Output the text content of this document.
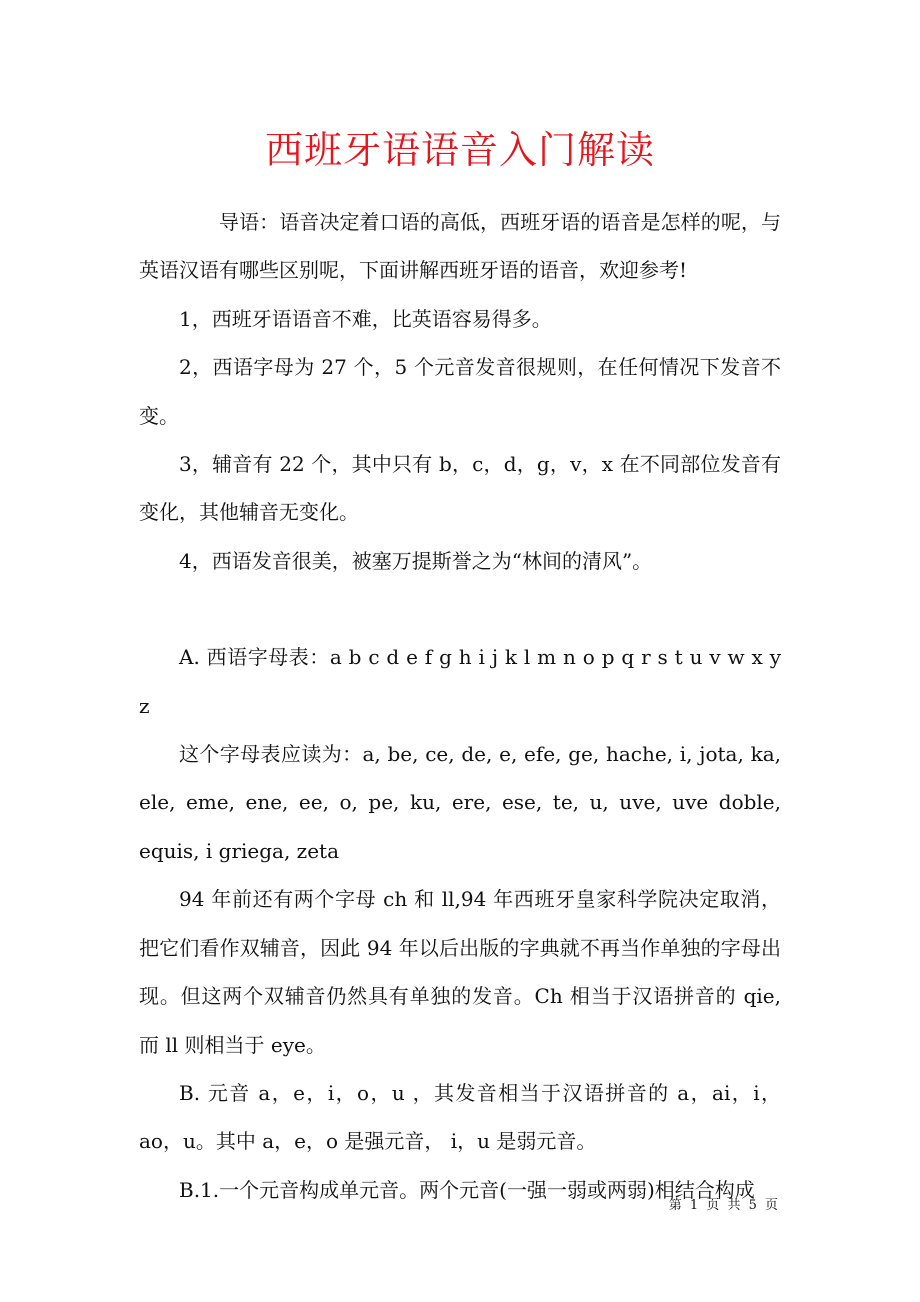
西班牙语语音入门解读

导语：语音决定着口语的高低，西班牙语的语音是怎样的呢，与英语汉语有哪些区别呢，下面讲解西班牙语的语音，欢迎参考!

1，西班牙语语音不难，比英语容易得多。

2，西语字母为 27 个，5 个元音发音很规则，在任何情况下发音不变。

3，辅音有 22 个，其中只有 b，c，d，g，v，x 在不同部位发音有变化，其他辅音无变化。

4，西语发音很美，被塞万提斯誉之为“林间的清风”。

A. 西语字母表：a b c d e f g h i j k l m n o p q r s t u v w x y z

这个字母表应读为：a, be, ce, de, e, efe, ge, hache, i, jota, ka, ele, eme, ene, ee, o, pe, ku, ere, ese, te, u, uve, uve doble, equis, i griega, zeta

94 年前还有两个字母 ch 和 ll,94 年西班牙皇家科学院决定取消，把它们看作双辅音，因此 94 年以后出版的字典就不再当作单独的字母出现。但这两个双辅音仍然具有单独的发音。Ch 相当于汉语拼音的 qie, 而 ll 则相当于 eye。

B. 元音 a，e，i，o，u ，其发音相当于汉语拼音的 a，ai，i，ao，u。其中 a，e，o 是强元音， i，u 是弱元音。

B.1.一个元音构成单元音。两个元音(一强一弱或两弱)相结合构成

第 1 页 共 5 页
